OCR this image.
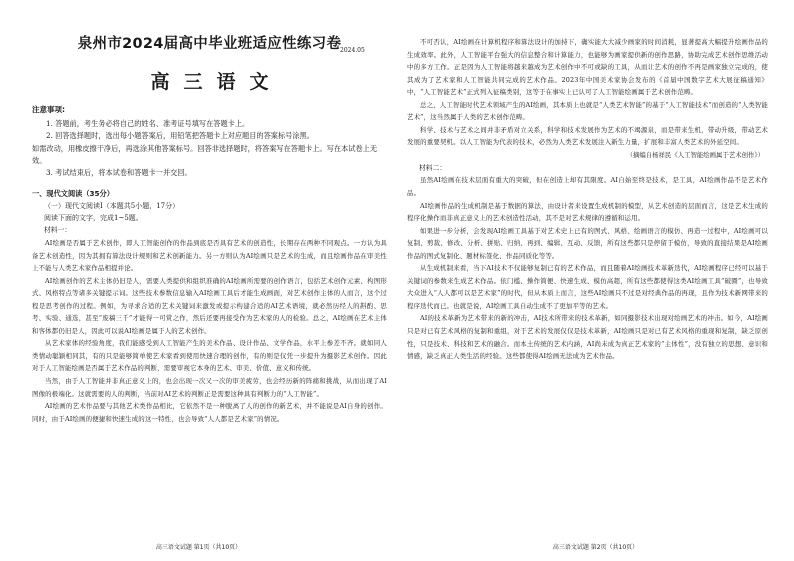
泉州市2024届高中毕业班适应性练习卷
2024.05
高三语文
注意事项:

1. 答题前，考生务必将自己的姓名、准考证号填写在答题卡上。

2. 回答选择题时，选出每小题答案后，用铅笔把答题卡上对应题目的答案标号涂黑。

如需改动，用橡皮擦干净后，再选涂其他答案标号。回答非选择题时，将答案写在答题卡上。写在本试卷上无效。

3. 考试结束后，将本试卷和答题卡一并交回。

一、现代文阅读（35分）
（一）现代文阅读Ⅰ（本题共5小题，17分）
阅读下面的文字，完成1~5题。
材料一：

AI绘画是否属于艺术创作，即人工智能创作的作品到底是否具有艺术的创造性，长期存在两种不同观点。一方认为具备艺术创造性，因为其拥有算法设计规则和艺术创新能力。另一方则认为AI绘画只是艺术的生成，而且绘画作品在审美性上不能与人类艺术家作品相提并论。

AI绘画创作的艺术主体仍旧是人，需要人类提供和组织准确的AI绘画所需要的创作语言，包括艺术创作元素、构图形式、风格特点等诸多关键提示词。这些技术参数信息输入AI绘画工具后才能生成画面，对艺术创作主体的人而言，这个过程是思考创作的过程。例如，为寻求合适的艺术关键词来激发或提示构建合适的AI艺术语境，就必然历经人的斟酌、思考、实验、通选，甚至“废稿三千”才能得一可赏之作，然后还要再接受作为艺术家的人的检验。总之，AI绘画在艺术主体和客体都仍旧是人，因此可以说AI绘画是属于人的艺术创作。

从艺术家体的经验角度，我们能感受到人工智能产生的美术作品、设计作品、文学作品，水平上参差不齐。就如同人类情动聪颖相同其，有的只是能够简单使艺术家看到使用快速合理的创作，有的则是仅凭一步提升为摄影艺术创作。因此对于人工智能绘画是否属于艺术作品的判断，需要审视它本身的艺术、审美、价值、意义和传统。

当然，由于人工智能并非真正意义上的，也会出现一次又一次的审美疲劳，也会经历新的阵痛和挑战，从而出现了AI图像的极端化。这就需要的人的判断，当前对AI艺术的判断正是需要这种具有判断力的“人工智能”。

AI绘画的艺术作品要与其他艺术类作品相比，它依然不是一种脱离了人的创作的新艺术，并不能说是AI自身的创作。同时，由于AI绘画的便捷和快速生成的这一特性，也会导致“人人都是艺术家”的情况。

高三语文试题 第1页（共10页）

不可否认，AI绘画在计算机程序和算法设计的加持下，确实能大大减少画家的时间消耗，显著提高大幅提升绘画作品的生成效率。此外，人工智能平台强大的信息整合和计算能力，也能够为画家提供新的创作思路，协助完成艺术创作思维活动中的多方工作。正是因为人工智能将越来越成为艺术创作中不可或缺的工具，从而让艺术的创作不再是画家独立完成的，使其成为了艺术家和人工智能共同完成的艺术作品。2023年中国美术家协会发布的《首届中国数字艺术大展征稿通知》中，“人工智能艺术”正式列入征稿类别，这等于在事实上已认可了人工智能绘画属于艺术创作范畴。

总之，人工智能时代艺术领域产生的AI绘画，其本质上也就是“人类艺术智能”的基于“人工智能技术”而创造的“人类智能艺术”，这当然属于人类的艺术创作范畴。

科学、技术与艺术之间并非矛盾对立关系，科学和技术发展作为艺术的不竭源泉，而是带来生机，带动升级，带动艺术发展的重要契机。以人工智能为代表的技术，必然为人类艺术发展注入新生力量，扩展和丰富人类艺术的外延空间。

（摘编自杨祥民《人工智能绘画属于艺术创作》）

材料二：

虽然AI绘画在技术层面有重大的突破，但在创造上却有其限度。AI自始至终是技术，是工具，AI绘画作品不是艺术作品。

AI绘画作品的生成机制是基于数据的算法，由设计者来设置生成机制的模型，从艺术创造的层面而言，这是艺术生成的程序化操作而非真正意义上的艺术创造性活动，其不是对艺术规律的遵循和运用。

如果进一步分析，会发现AI绘画工具基于对艺术史上已有的图式、风格、绘画语言的模仿、再造一过程中，AI绘画可以复制、剪裁、修改、分析、拼贴、归纳、再到、编辑、互动、反馈，所有这些都只是停留于模仿，导致的直接结果是AI绘画作品的图式复制化、题材标签化、作品同质化等等。

从生成机制来看，当下AI技术不仅能够复制已有的艺术作品，而且随着AI绘画技术革新迭代，AI绘画程序已经可以基于关键词的参数来生成艺术作品。依门槛、操作简便、快速生成、模仿高超，所有这些都使得这类AI绘画工具“破圈”，也导致大众进入“人人都可以是艺术家”的时代，但从本质上而言，这些AI绘画只不过是对经典作品的再现，且作为技术新网带来的程序迭代而已。也就是说，AI绘画工具自动生成不了更加平等的艺术。

AI的技术革新为艺术带来的新的冲击，AI技术所带来的技术革新，如同摄影技术出现对绘画艺术的冲击。如今，AI绘画只是对已有艺术风格的复制和重组，对于艺术的发展仅仅是技术革新，AI绘画只是对已有艺术风格的重现和复制，缺乏原创性，只是技术、科技和艺术的融合。而本土传统的艺术内涵，AI尚未成为真正艺术家的“主体性”，没有独立的思想、意识和情感，缺乏真正人类生活的经验。这些都使得AI绘画无法成为艺术作品。

高三语文试题 第2页（共10页）
